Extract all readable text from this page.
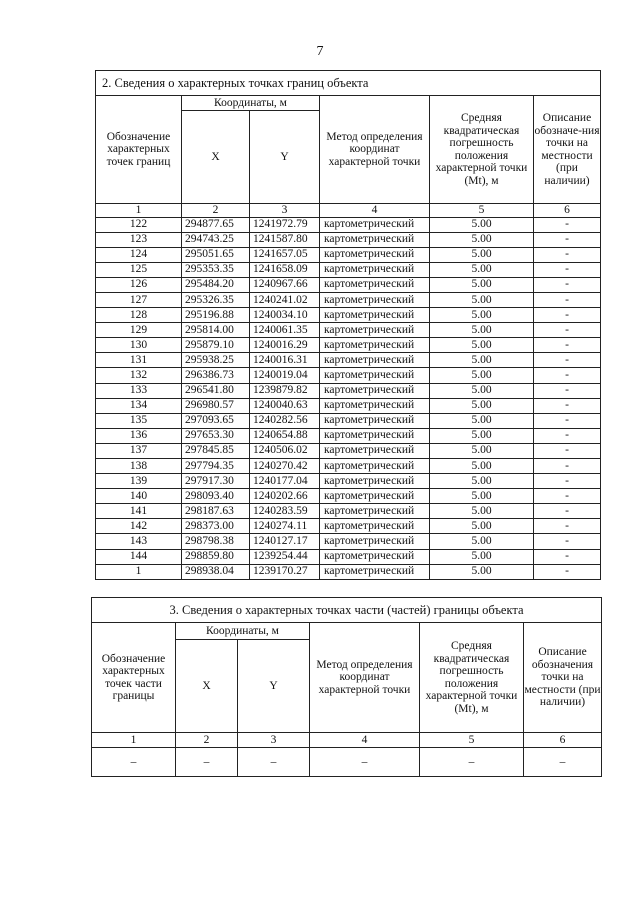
7
2. Сведения о характерных точках границ объекта					
Обозначение характерных точек границ	Координаты, м		Метод определения координат характерной точки	Средняя квадратическая погрешность положения характерной точки (Mt), м	Описание обозначе-ния точки на местности (при наличии)
	X	Y			
1	2	3	4	5	6
122	294877.65	1241972.79	картометрический	5.00	-
123	294743.25	1241587.80	картометрический	5.00	-
124	295051.65	1241657.05	картометрический	5.00	-
125	295353.35	1241658.09	картометрический	5.00	-
126	295484.20	1240967.66	картометрический	5.00	-
127	295326.35	1240241.02	картометрический	5.00	-
128	295196.88	1240034.10	картометрический	5.00	-
129	295814.00	1240061.35	картометрический	5.00	-
130	295879.10	1240016.29	картометрический	5.00	-
131	295938.25	1240016.31	картометрический	5.00	-
132	296386.73	1240019.04	картометрический	5.00	-
133	296541.80	1239879.82	картометрический	5.00	-
134	296980.57	1240040.63	картометрический	5.00	-
135	297093.65	1240282.56	картометрический	5.00	-
136	297653.30	1240654.88	картометрический	5.00	-
137	297845.85	1240506.02	картометрический	5.00	-
138	297794.35	1240270.42	картометрический	5.00	-
139	297917.30	1240177.04	картометрический	5.00	-
140	298093.40	1240202.66	картометрический	5.00	-
141	298187.63	1240283.59	картометрический	5.00	-
142	298373.00	1240274.11	картометрический	5.00	-
143	298798.38	1240127.17	картометрический	5.00	-
144	298859.80	1239254.44	картометрический	5.00	-
1	298938.04	1239170.27	картометрический	5.00	-
3. Сведения о характерных точках части (частей) границы объекта					
Обозначение характерных точек части границы	Координаты, м		Метод определения координат характерной точки	Средняя квадратическая погрешность положения характерной точки (Mt), м	Описание обозначения точки на местности (при наличии)
	X	Y			
1	2	3	4	5	6
–	–	–	–	–	–
